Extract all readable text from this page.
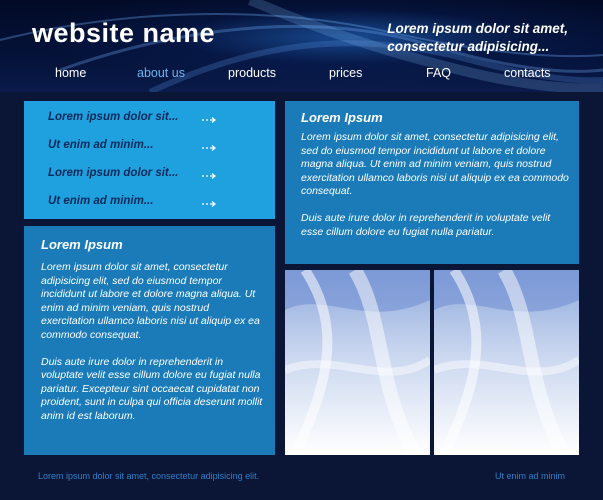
website name	Lorem ipsum dolor sit amet,
consectetur adipisicing...
home	about us	products	prices	FAQ	contacts
Lorem ipsum dolor sit...
Ut enim ad minim...
Lorem ipsum dolor sit...
Ut enim ad minim...
Lorem Ipsum

Lorem ipsum dolor sit amet, consectetur adipisicing elit, sed do eiusmod tempor incididunt ut labore et dolore magna aliqua. Ut enim ad minim veniam, quis nostrud exercitation ullamco laboris nisi ut aliquip ex ea commodo consequat.

Duis aute irure dolor in reprehenderit in voluptate velit esse cillum dolore eu fugiat nulla pariatur. Excepteur sint occaecat cupidatat non proident, sunt in culpa qui officia deserunt mollit anim id est laborum.

Lorem Ipsum

Lorem ipsum dolor sit amet, consectetur adipisicing elit, sed do eiusmod tempor incididunt ut labore et dolore magna aliqua. Ut enim ad minim veniam, quis nostrud exercitation ullamco laboris nisi ut aliquip ex ea commodo consequat.

Duis aute irure dolor in reprehenderit in voluptate velit esse cillum dolore eu fugiat nulla pariatur.

Lorem ipsum dolor sit amet, consectetur adipisicing elit.	Ut enim ad minim
